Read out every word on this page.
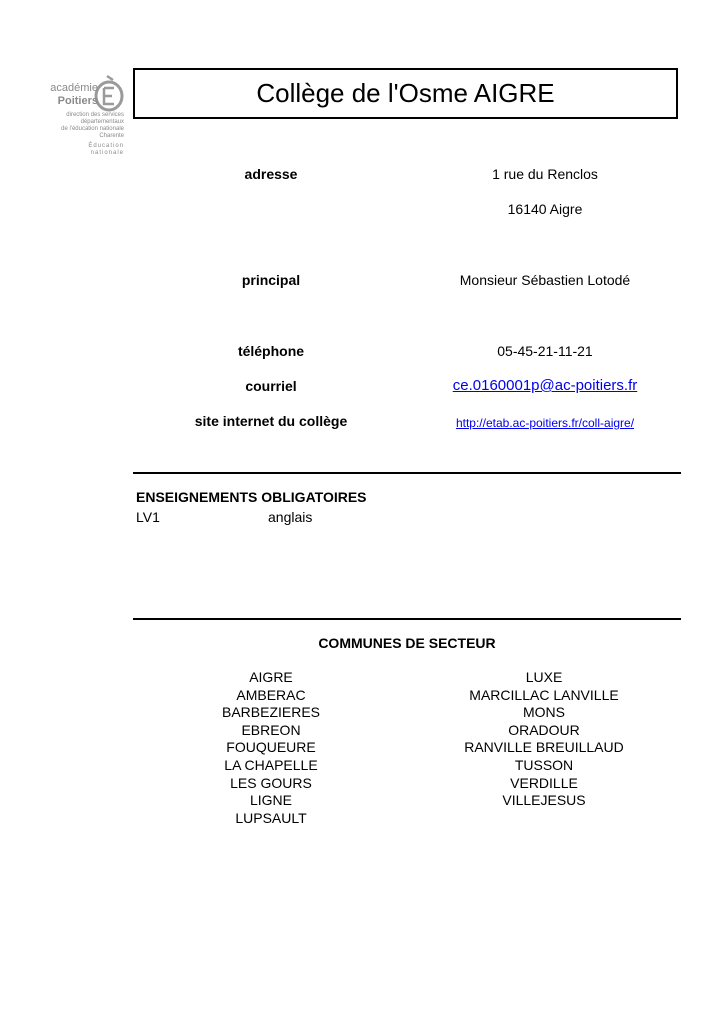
académie
Poitiers
direction des services
départementaux
de l'éducation nationale
Charente
Éducation
nationale
Collège de l'Osme AIGRE
adresse	1 rue du Renclos
16140 Aigre
principal	Monsieur Sébastien Lotodé
téléphone	05-45-21-11-21
courriel	ce.0160001p@ac-poitiers.fr
site internet du collège	http://etab.ac-poitiers.fr/coll-aigre/
ENSEIGNEMENTS OBLIGATOIRES
LV1	anglais
COMMUNES DE SECTEUR
AIGRE
AMBERAC
BARBEZIERES
EBREON
FOUQUEURE
LA CHAPELLE
LES GOURS
LIGNE
LUPSAULT
LUXE
MARCILLAC LANVILLE
MONS
ORADOUR
RANVILLE BREUILLAUD
TUSSON
VERDILLE
VILLEJESUS
